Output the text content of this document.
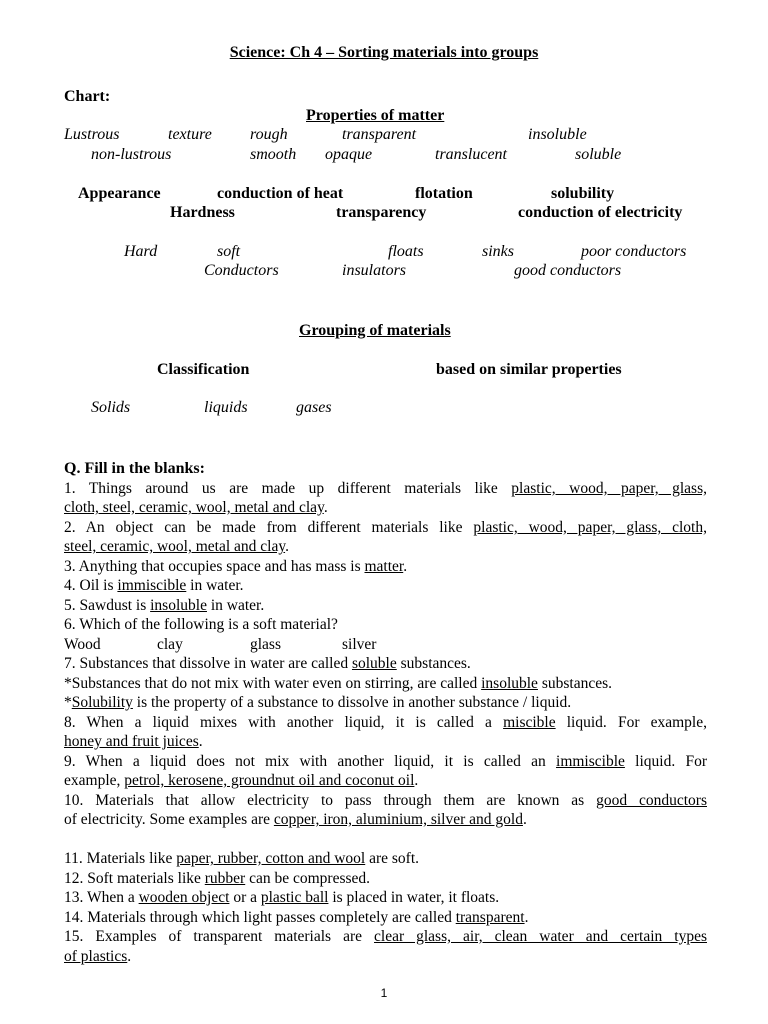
Science: Ch 4 – Sorting materials into groups
Chart:
Properties of matter
Lustrous	texture rough	transparent	insoluble
non-lustrous	smooth opaque	translucent	soluble
Appearance	conduction of heat	flotation	solubility
Hardness	transparency	conduction of electricity
Hard	soft	floats	sinks	poor conductors
Conductors	insulators	good conductors
Grouping of materials
Classification	based on similar properties
Solids	liquids	gases
Q. Fill in the blanks:
1. Things around us are made up different materials like plastic, wood, paper, glass,
cloth, steel, ceramic, wool, metal and clay.
2. An object can be made from different materials like plastic, wood, paper, glass, cloth,
steel, ceramic, wool, metal and clay.
3. Anything that occupies space and has mass is matter.
4. Oil is immiscible in water.
5. Sawdust is insoluble in water.
6. Which of the following is a soft material?
Wood	clay	glass	silver
7. Substances that dissolve in water are called soluble substances.
*Substances that do not mix with water even on stirring, are called insoluble substances.
*Solubility is the property of a substance to dissolve in another substance / liquid.
8. When a liquid mixes with another liquid, it is called a miscible liquid. For example,
honey and fruit juices.
9. When a liquid does not mix with another liquid, it is called an immiscible liquid. For
example, petrol, kerosene, groundnut oil and coconut oil.
10. Materials that allow electricity to pass through them are known as good conductors
of electricity. Some examples are copper, iron, aluminium, silver and gold.
11. Materials like paper, rubber, cotton and wool are soft.
12. Soft materials like rubber can be compressed.
13. When a wooden object or a plastic ball is placed in water, it floats.
14. Materials through which light passes completely are called transparent.
15. Examples of transparent materials are clear glass, air, clean water and certain types
of plastics.
1
